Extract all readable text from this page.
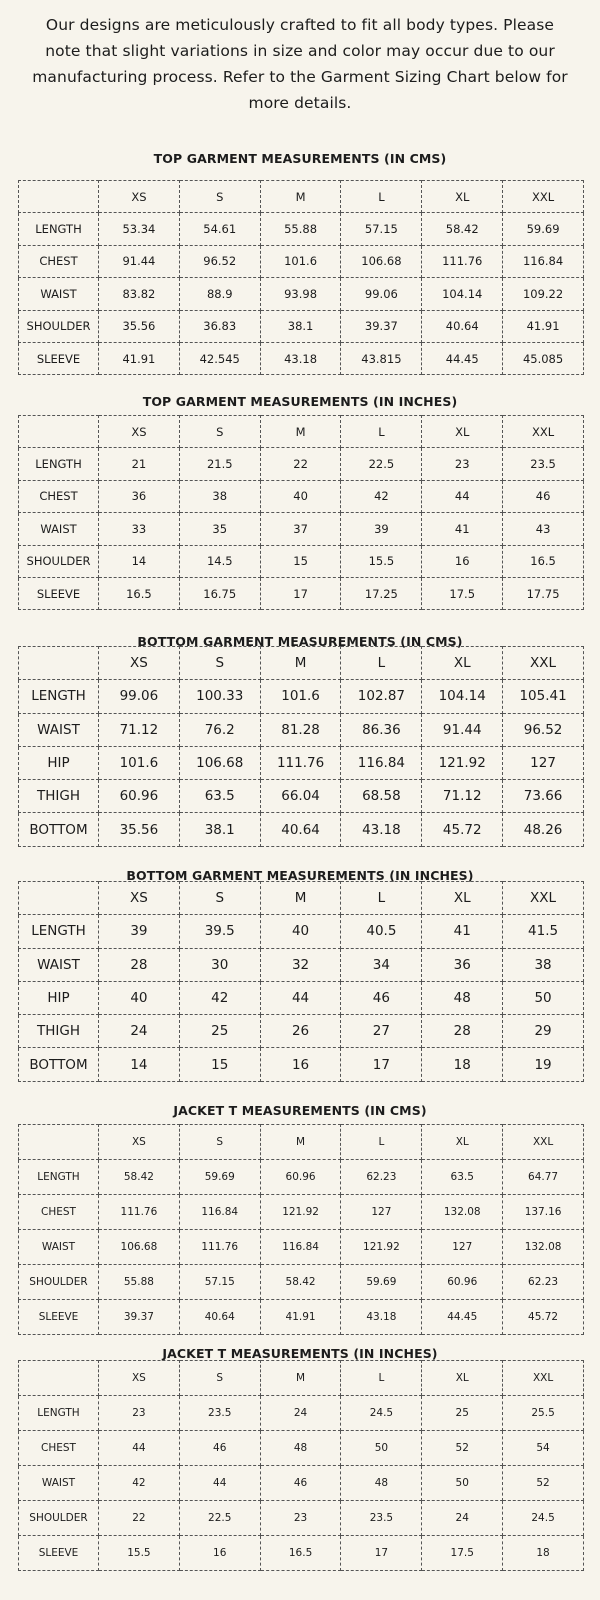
Our designs are meticulously crafted to fit all body types. Please note that slight variations in size and color may occur due to our manufacturing process. Refer to the Garment Sizing Chart below for more details.
TOP GARMENT MEASUREMENTS (IN CMS)
	XS	S	M	L	XL	XXL
LENGTH	53.34	54.61	55.88	57.15	58.42	59.69
CHEST	91.44	96.52	101.6	106.68	111.76	116.84
WAIST	83.82	88.9	93.98	99.06	104.14	109.22
SHOULDER	35.56	36.83	38.1	39.37	40.64	41.91
SLEEVE	41.91	42.545	43.18	43.815	44.45	45.085
TOP GARMENT MEASUREMENTS (IN INCHES)
	XS	S	M	L	XL	XXL
LENGTH	21	21.5	22	22.5	23	23.5
CHEST	36	38	40	42	44	46
WAIST	33	35	37	39	41	43
SHOULDER	14	14.5	15	15.5	16	16.5
SLEEVE	16.5	16.75	17	17.25	17.5	17.75
BOTTOM GARMENT MEASUREMENTS (IN CMS)
	XS	S	M	L	XL	XXL
LENGTH	99.06	100.33	101.6	102.87	104.14	105.41
WAIST	71.12	76.2	81.28	86.36	91.44	96.52
HIP	101.6	106.68	111.76	116.84	121.92	127
THIGH	60.96	63.5	66.04	68.58	71.12	73.66
BOTTOM	35.56	38.1	40.64	43.18	45.72	48.26
BOTTOM GARMENT MEASUREMENTS (IN INCHES)
	XS	S	M	L	XL	XXL
LENGTH	39	39.5	40	40.5	41	41.5
WAIST	28	30	32	34	36	38
HIP	40	42	44	46	48	50
THIGH	24	25	26	27	28	29
BOTTOM	14	15	16	17	18	19
JACKET T MEASUREMENTS (IN CMS)
	XS	S	M	L	XL	XXL
LENGTH	58.42	59.69	60.96	62.23	63.5	64.77
CHEST	111.76	116.84	121.92	127	132.08	137.16
WAIST	106.68	111.76	116.84	121.92	127	132.08
SHOULDER	55.88	57.15	58.42	59.69	60.96	62.23
SLEEVE	39.37	40.64	41.91	43.18	44.45	45.72
JACKET T MEASUREMENTS (IN INCHES)
	XS	S	M	L	XL	XXL
LENGTH	23	23.5	24	24.5	25	25.5
CHEST	44	46	48	50	52	54
WAIST	42	44	46	48	50	52
SHOULDER	22	22.5	23	23.5	24	24.5
SLEEVE	15.5	16	16.5	17	17.5	18
